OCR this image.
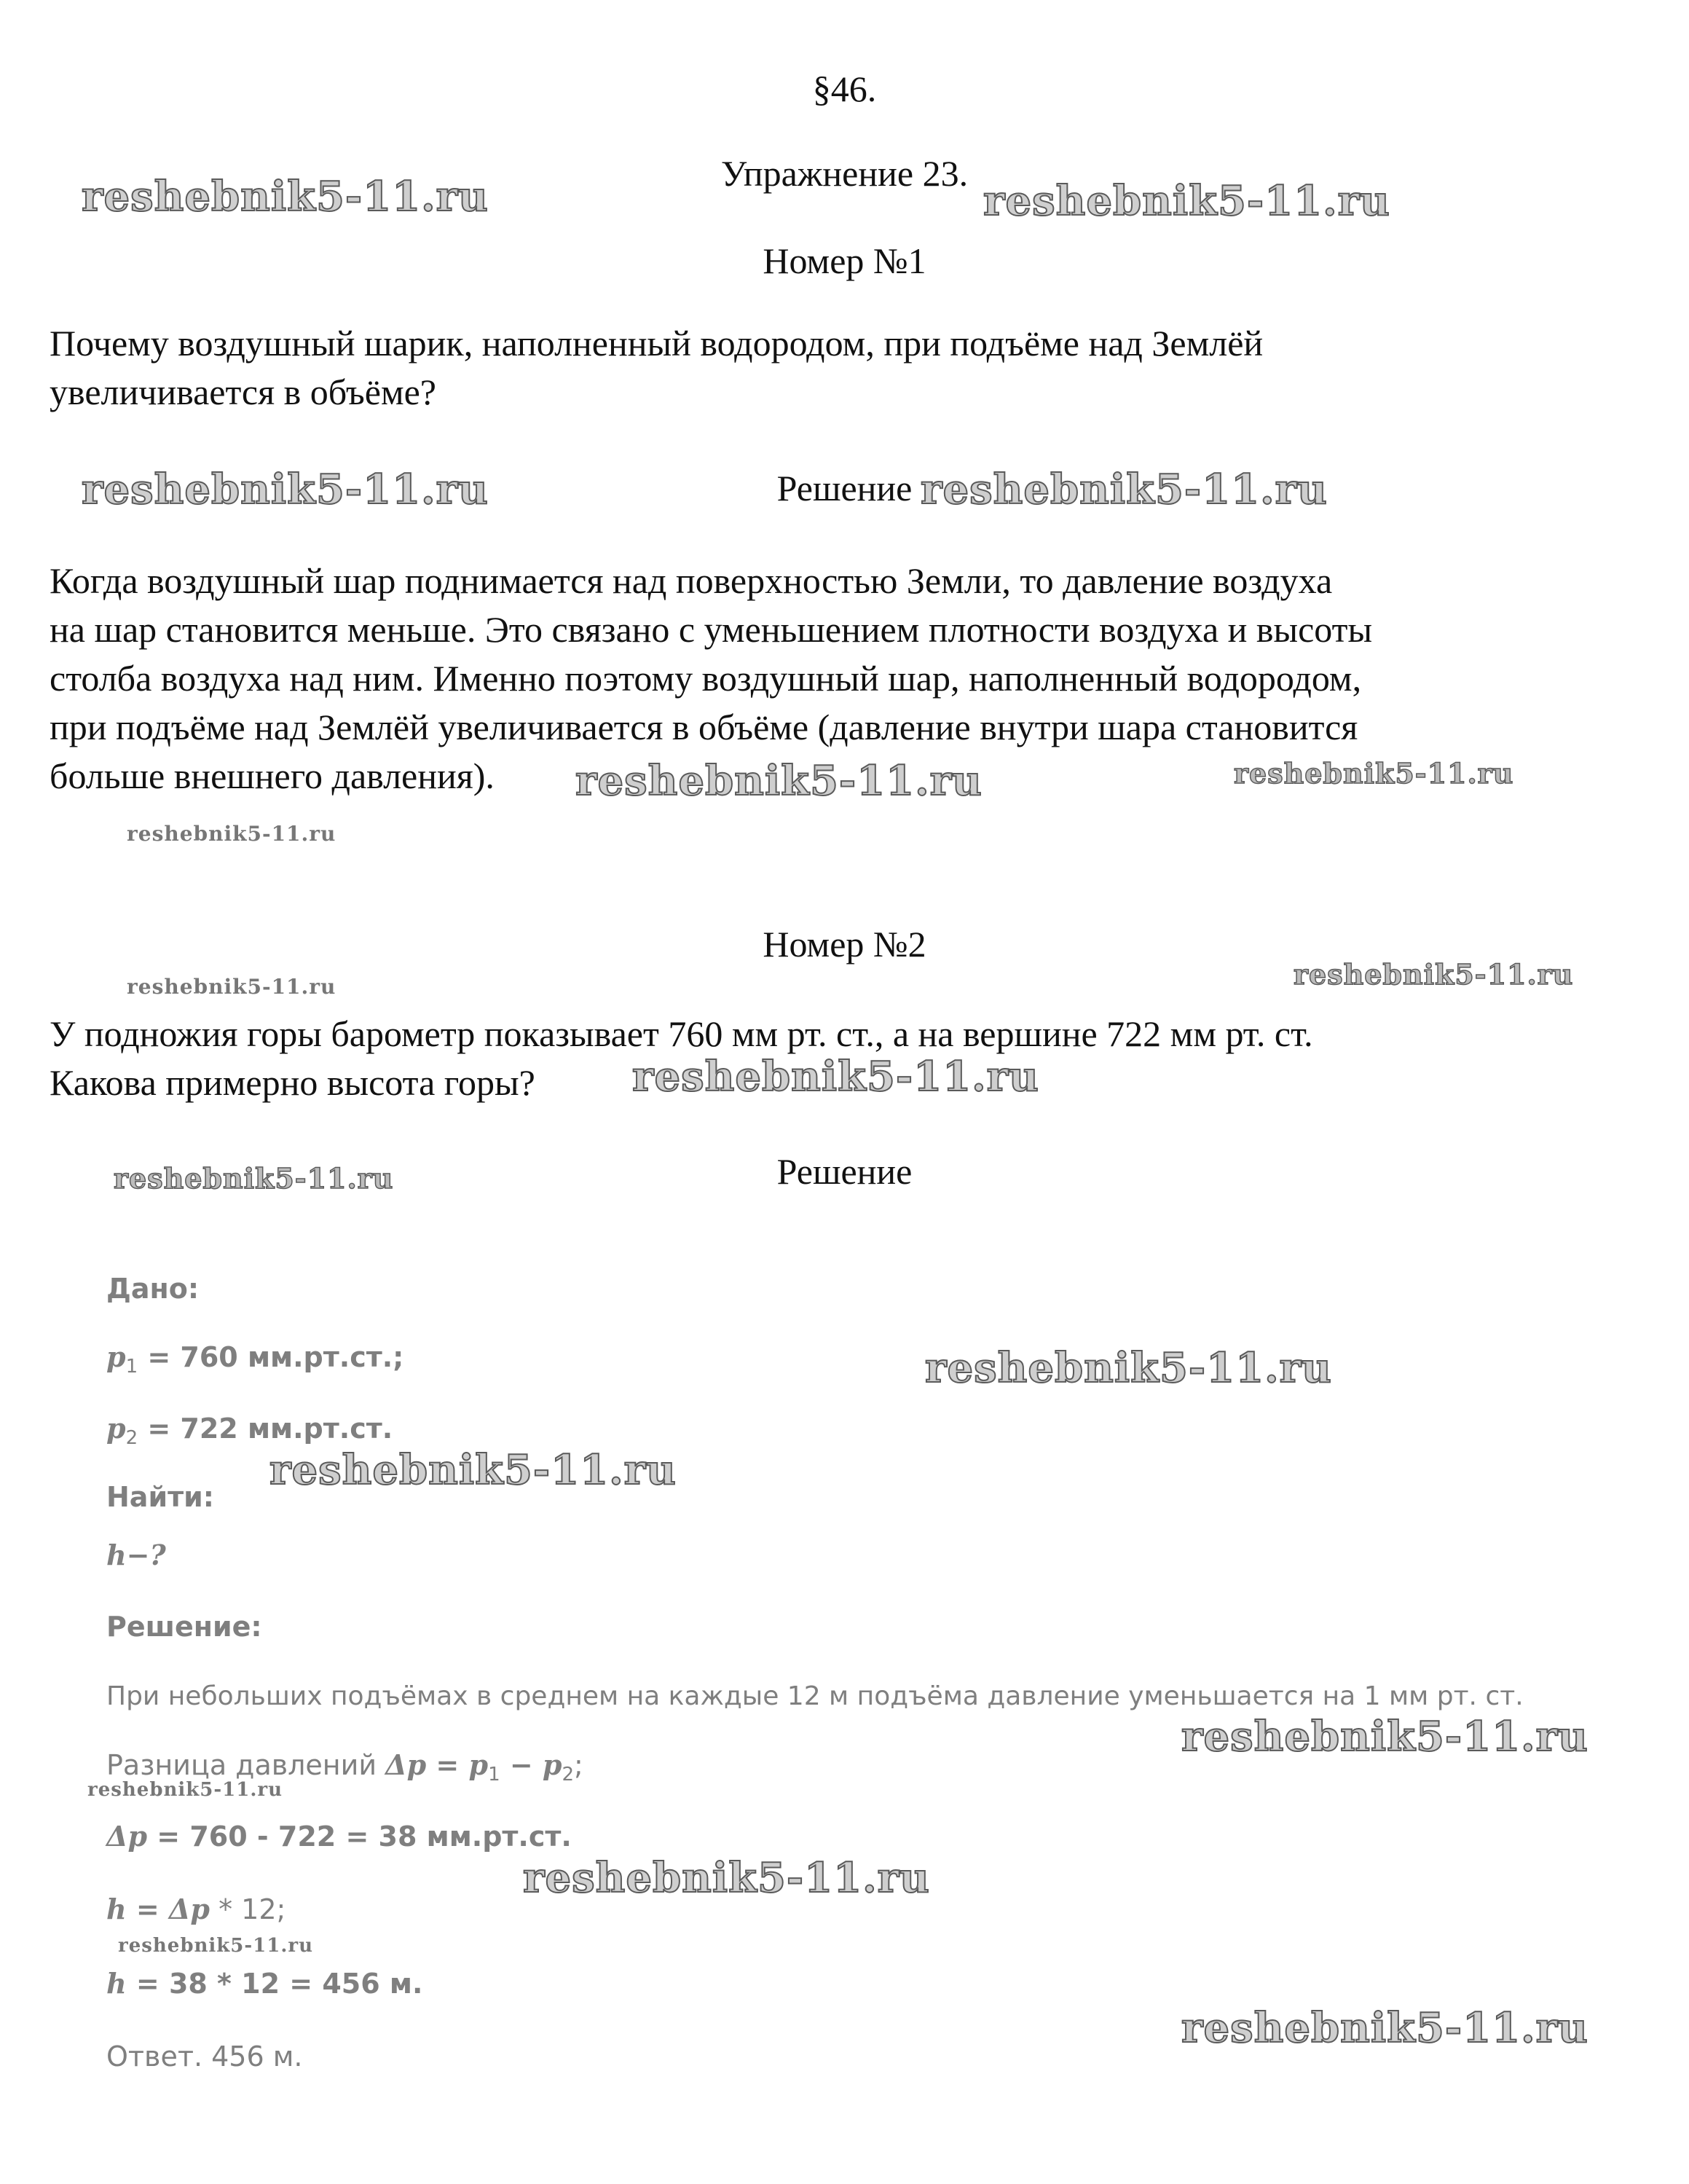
§46.
Упражнение 23.
Номер №1
Почему воздушный шарик, наполненный водородом, при подъёме над Землёй
увеличивается в объёме?
Решение
Когда воздушный шар поднимается над поверхностью Земли, то давление воздуха
на шар становится меньше. Это связано с уменьшением плотности воздуха и высоты
столба воздуха над ним. Именно поэтому воздушный шар, наполненный водородом,
при подъёме над Землёй увеличивается в объёме (давление внутри шара становится
больше внешнего давления).
Номер №2
У подножия горы барометр показывает 760 мм рт. ст., а на вершине 722 мм рт. ст.
Какова примерно высота горы?
Решение
Дано:
$p_1 = 760$ мм.рт.ст.;
$p_2 = 722$ мм.рт.ст.
Найти:
h−?
Решение:
При небольших подъёмах в среднем на каждые 12 м подъёма давление уменьшается на 1 мм рт. ст.
Разница давлений $\Delta p = p_1 - p_2$;
Δp = 760 - 722 = 38 мм.рт.ст.
h = Δp * 12;
h = 38 * 12 = 456 м.
Ответ. 456 м.
reshebnik5-11.ru	reshebnik5-11.ru
reshebnik5-11.ru	reshebnik5-11.ru
reshebnik5-11.ru	reshebnik5-11.ru
reshebnik5-11.ru
reshebnik5-11.ru	reshebnik5-11.ru
reshebnik5-11.ru
reshebnik5-11.ru
reshebnik5-11.ru
reshebnik5-11.ru
reshebnik5-11.ru
reshebnik5-11.ru
reshebnik5-11.ru
reshebnik5-11.ru
reshebnik5-11.ru
